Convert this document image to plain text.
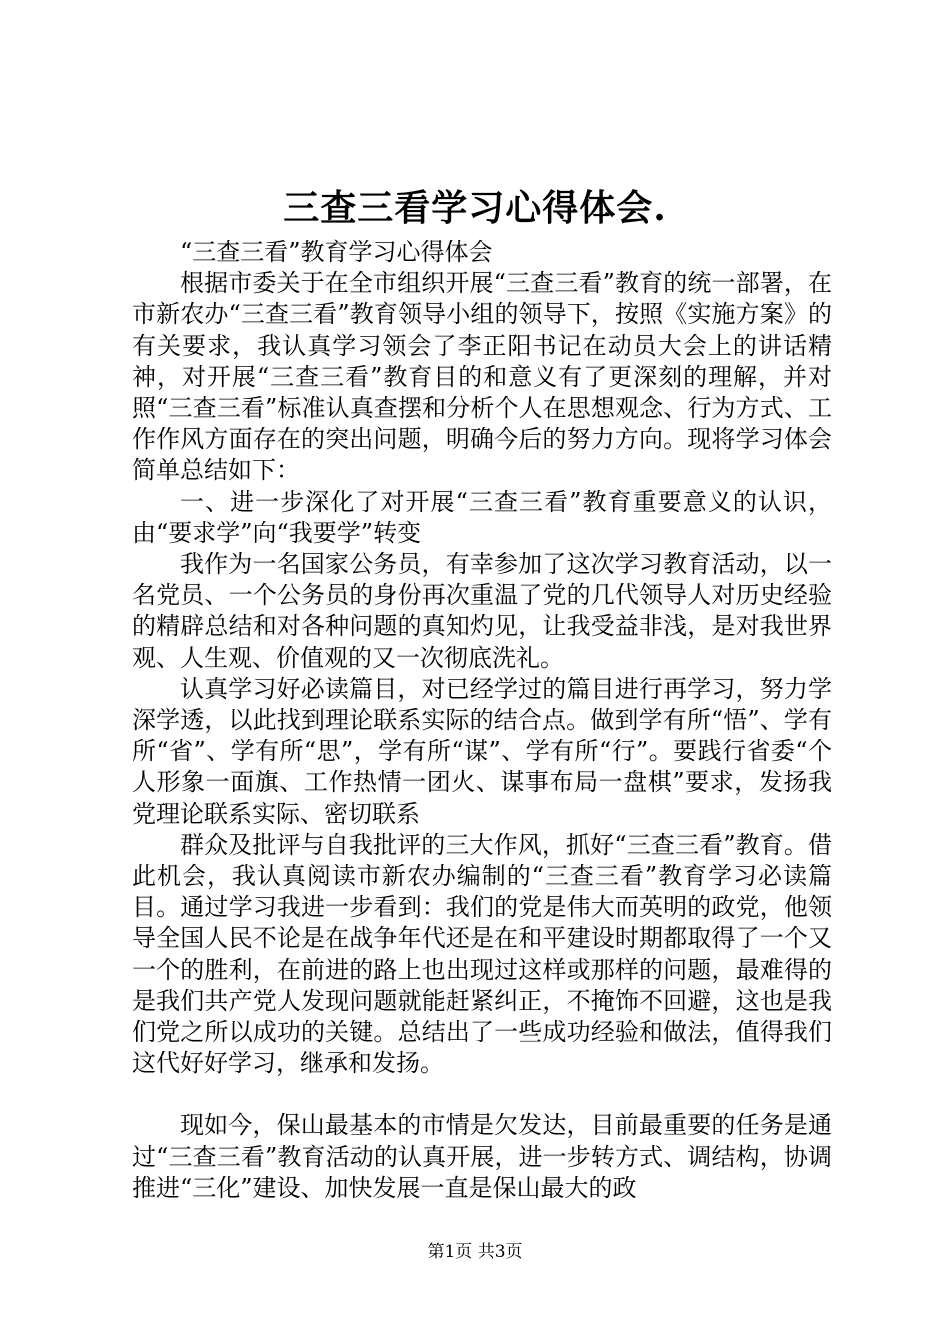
三查三看学习心得体会.

“三查三看”教育学习心得体会

根据市委关于在全市组织开展“三查三看”教育的统一部署，在市新农办“三查三看”教育领导小组的领导下，按照《实施方案》的有关要求，我认真学习领会了李正阳书记在动员大会上的讲话精神，对开展“三查三看”教育目的和意义有了更深刻的理解，并对照“三查三看”标准认真查摆和分析个人在思想观念、行为方式、工作作风方面存在的突出问题，明确今后的努力方向。现将学习体会简单总结如下：

一、进一步深化了对开展“三查三看”教育重要意义的认识，由“要求学”向“我要学”转变

我作为一名国家公务员，有幸参加了这次学习教育活动，以一名党员、一个公务员的身份再次重温了党的几代领导人对历史经验的精辟总结和对各种问题的真知灼见，让我受益非浅，是对我世界观、人生观、价值观的又一次彻底洗礼。

认真学习好必读篇目，对已经学过的篇目进行再学习，努力学深学透，以此找到理论联系实际的结合点。做到学有所“悟”、学有所“省”、学有所“思”，学有所“谋”、学有所“行”。要践行省委“个人形象一面旗、工作热情一团火、谋事布局一盘棋”要求，发扬我党理论联系实际、密切联系

群众及批评与自我批评的三大作风，抓好“三查三看”教育。借此机会，我认真阅读市新农办编制的“三查三看”教育学习必读篇目。通过学习我进一步看到：我们的党是伟大而英明的政党，他领导全国人民不论是在战争年代还是在和平建设时期都取得了一个又一个的胜利，在前进的路上也出现过这样或那样的问题，最难得的是我们共产党人发现问题就能赶紧纠正，不掩饰不回避，这也是我们党之所以成功的关键。总结出了一些成功经验和做法，值得我们这代好好学习，继承和发扬。

现如今，保山最基本的市情是欠发达，目前最重要的任务是通过“三查三看”教育活动的认真开展，进一步转方式、调结构，协调推进“三化”建设、加快发展一直是保山最大的政

第1页 共3页
